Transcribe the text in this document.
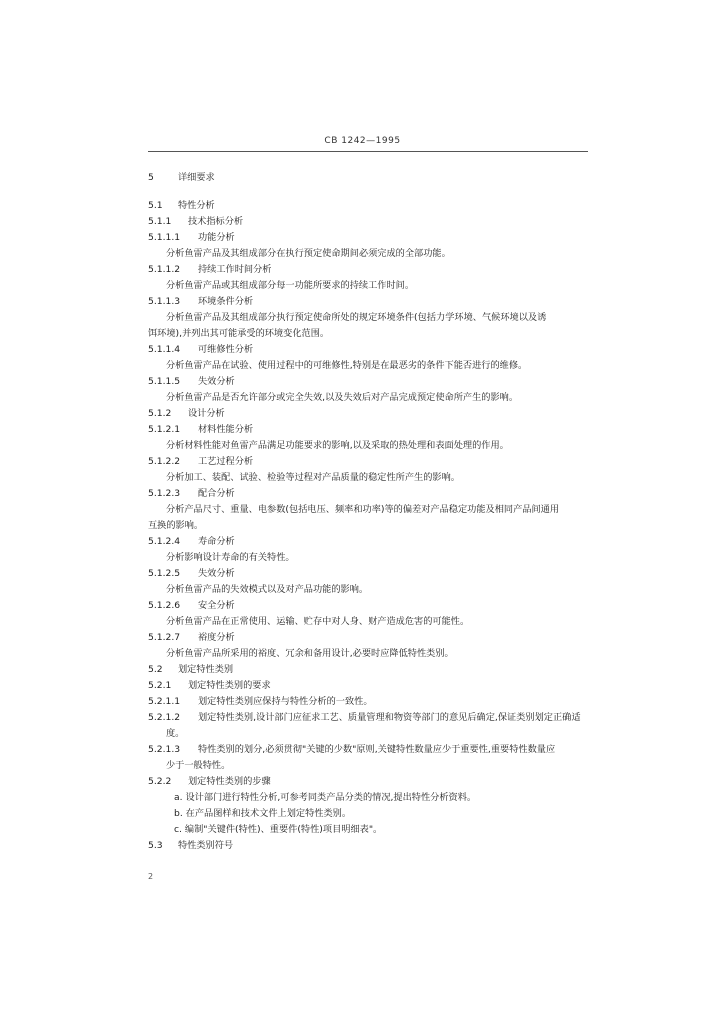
CB 1242—1995
5	详细要求
5.1 特性分析
5.1.1 技术指标分析
5.1.1.1 功能分析
分析鱼雷产品及其组成部分在执行预定使命期间必须完成的全部功能。
5.1.1.2 持续工作时间分析
分析鱼雷产品或其组成部分每一功能所要求的持续工作时间。
5.1.1.3 环境条件分析
分析鱼雷产品及其组成部分执行预定使命所处的规定环境条件(包括力学环境、气候环境以及诱
饵环境),并列出其可能承受的环境变化范围。
5.1.1.4 可维修性分析
分析鱼雷产品在试验、使用过程中的可维修性,特别是在最恶劣的条件下能否进行的维修。
5.1.1.5 失效分析
分析鱼雷产品是否允许部分或完全失效,以及失效后对产品完成预定使命所产生的影响。
5.1.2 设计分析
5.1.2.1 材料性能分析
分析材料性能对鱼雷产品满足功能要求的影响,以及采取的热处理和表面处理的作用。
5.1.2.2 工艺过程分析
分析加工、装配、试验、检验等过程对产品质量的稳定性所产生的影响。
5.1.2.3 配合分析
分析产品尺寸、重量、电参数(包括电压、频率和功率)等的偏差对产品稳定功能及相同产品间通用
互换的影响。
5.1.2.4 寿命分析
分析影响设计寿命的有关特性。
5.1.2.5 失效分析
分析鱼雷产品的失效模式以及对产品功能的影响。
5.1.2.6 安全分析
分析鱼雷产品在正常使用、运输、贮存中对人身、财产造成危害的可能性。
5.1.2.7 裕度分析
分析鱼雷产品所采用的裕度、冗余和备用设计,必要时应降低特性类别。
5.2 划定特性类别
5.2.1 划定特性类别的要求
5.2.1.1 划定特性类别应保持与特性分析的一致性。
5.2.1.2 划定特性类别,设计部门应征求工艺、质量管理和物资等部门的意见后确定,保证类别划定正确适
度。
5.2.1.3 特性类别的划分,必须贯彻"关键的少数"原则,关键特性数量应少于重要性,重要特性数量应
少于一般特性。
5.2.2 划定特性类别的步骤
a. 设计部门进行特性分析,可参考同类产品分类的情况,提出特性分析资料。
b. 在产品图样和技术文件上划定特性类别。
c. 编制"关键件(特性)、重要件(特性)项目明细表"。
5.3 特性类别符号
2
